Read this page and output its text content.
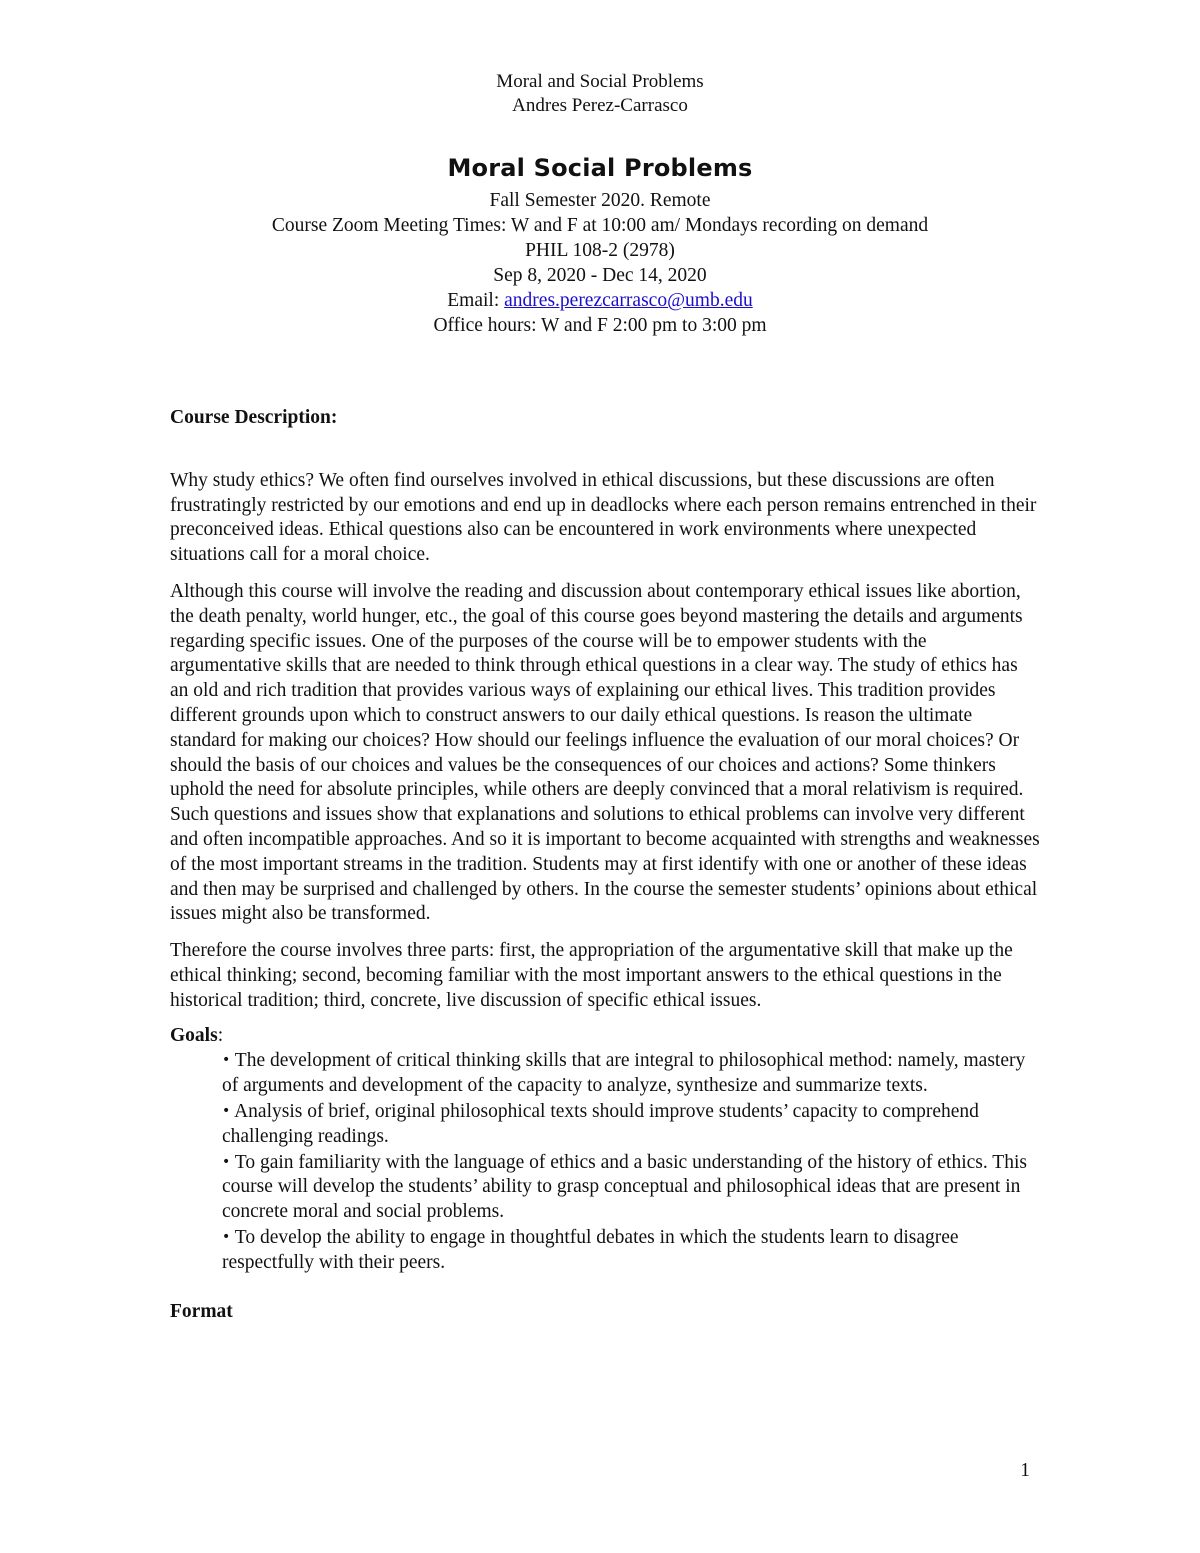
Moral and Social Problems
Andres Perez-Carrasco
Moral Social Problems
Fall Semester 2020. Remote
Course Zoom Meeting Times: W and F at 10:00 am/ Mondays recording on demand
PHIL 108-2 (2978)
Sep 8, 2020 - Dec 14, 2020
Email: andres.perezcarrasco@umb.edu
Office hours: W and F 2:00 pm to 3:00 pm

Course Description:

Why study ethics? We often find ourselves involved in ethical discussions, but these discussions are often frustratingly restricted by our emotions and end up in deadlocks where each person remains entrenched in their preconceived ideas. Ethical questions also can be encountered in work environments where unexpected situations call for a moral choice.

Although this course will involve the reading and discussion about contemporary ethical issues like abortion, the death penalty, world hunger, etc., the goal of this course goes beyond mastering the details and arguments regarding specific issues. One of the purposes of the course will be to empower students with the argumentative skills that are needed to think through ethical questions in a clear way. The study of ethics has an old and rich tradition that provides various ways of explaining our ethical lives. This tradition provides different grounds upon which to construct answers to our daily ethical questions. Is reason the ultimate standard for making our choices? How should our feelings influence the evaluation of our moral choices? Or should the basis of our choices and values be the consequences of our choices and actions? Some thinkers uphold the need for absolute principles, while others are deeply convinced that a moral relativism is required. Such questions and issues show that explanations and solutions to ethical problems can involve very different and often incompatible approaches. And so it is important to become acquainted with strengths and weaknesses of the most important streams in the tradition. Students may at first identify with one or another of these ideas and then may be surprised and challenged by others. In the course the semester students’ opinions about ethical issues might also be transformed.

Therefore the course involves three parts: first, the appropriation of the argumentative skill that make up the ethical thinking; second, becoming familiar with the most important answers to the ethical questions in the historical tradition; third, concrete, live discussion of specific ethical issues.

Goals:

• The development of critical thinking skills that are integral to philosophical method: namely, mastery of arguments and development of the capacity to analyze, synthesize and summarize texts.
• Analysis of brief, original philosophical texts should improve students’ capacity to comprehend challenging readings.
• To gain familiarity with the language of ethics and a basic understanding of the history of ethics. This course will develop the students’ ability to grasp conceptual and philosophical ideas that are present in concrete moral and social problems.
• To develop the ability to engage in thoughtful debates in which the students learn to disagree respectfully with their peers.

Format

1
